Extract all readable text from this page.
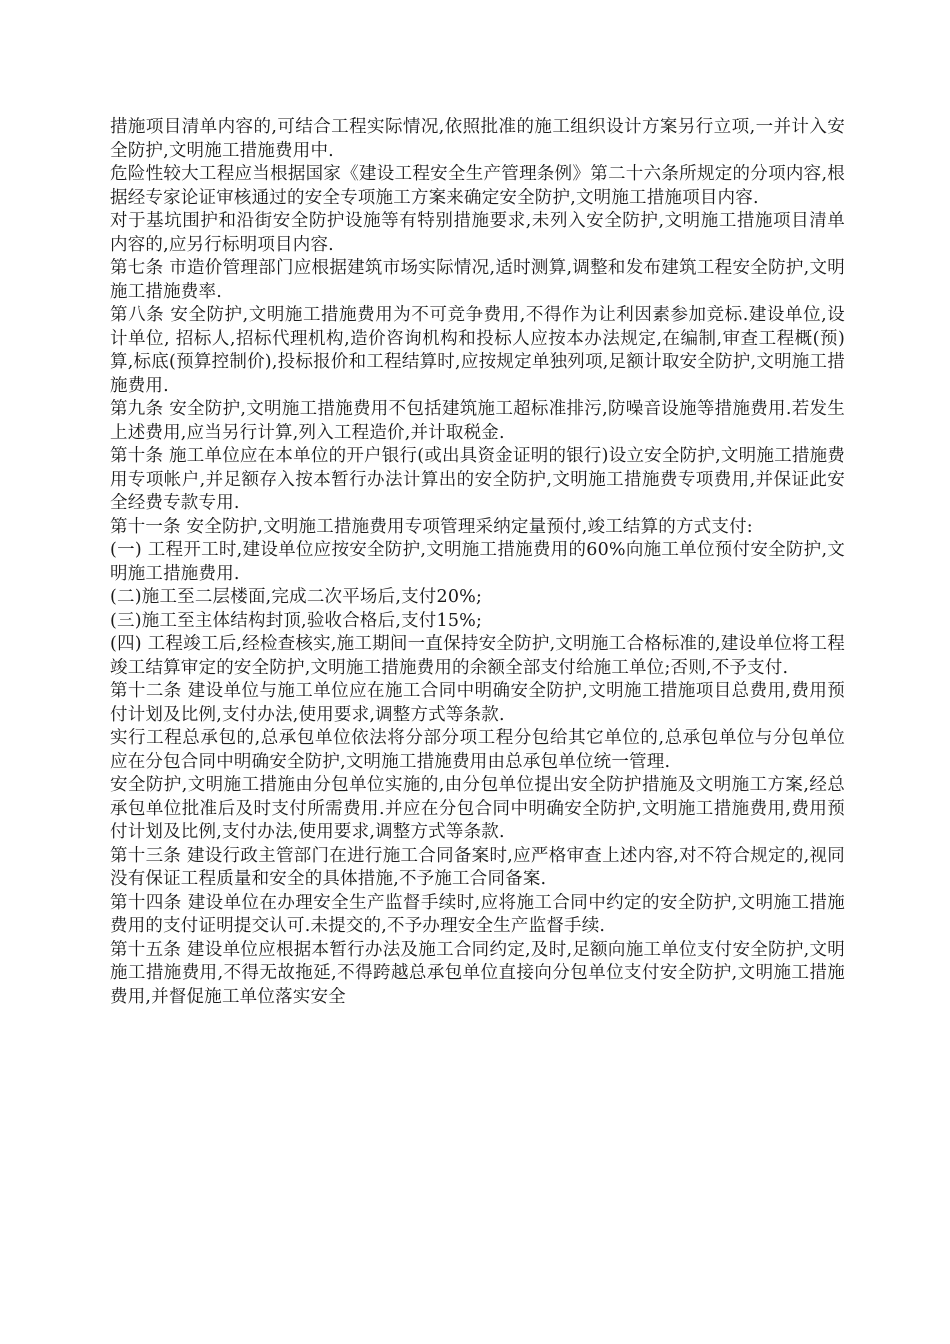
措施项目清单内容的,可结合工程实际情况,依照批准的施工组织设计方案另行立项,一并计入安全防护,文明施工措施费用中.

危险性较大工程应当根据国家《建设工程安全生产管理条例》第二十六条所规定的分项内容,根据经专家论证审核通过的安全专项施工方案来确定安全防护,文明施工措施项目内容.

对于基坑围护和沿街安全防护设施等有特别措施要求,未列入安全防护,文明施工措施项目清单内容的,应另行标明项目内容.

第七条 市造价管理部门应根据建筑市场实际情况,适时测算,调整和发布建筑工程安全防护,文明施工措施费率.

第八条 安全防护,文明施工措施费用为不可竞争费用,不得作为让利因素参加竞标.建设单位,设计单位, 招标人,招标代理机构,造价咨询机构和投标人应按本办法规定,在编制,审查工程概(预)算,标底(预算控制价),投标报价和工程结算时,应按规定单独列项,足额计取安全防护,文明施工措施费用.

第九条 安全防护,文明施工措施费用不包括建筑施工超标准排污,防噪音设施等措施费用.若发生上述费用,应当另行计算,列入工程造价,并计取税金.

第十条 施工单位应在本单位的开户银行(或出具资金证明的银行)设立安全防护,文明施工措施费用专项帐户,并足额存入按本暂行办法计算出的安全防护,文明施工措施费专项费用,并保证此安全经费专款专用.

第十一条 安全防护,文明施工措施费用专项管理采纳定量预付,竣工结算的方式支付:

(一) 工程开工时,建设单位应按安全防护,文明施工措施费用的60%向施工单位预付安全防护,文明施工措施费用.

(二)施工至二层楼面,完成二次平场后,支付20%;

(三)施工至主体结构封顶,验收合格后,支付15%;

(四) 工程竣工后,经检查核实,施工期间一直保持安全防护,文明施工合格标准的,建设单位将工程竣工结算审定的安全防护,文明施工措施费用的余额全部支付给施工单位;否则,不予支付.

第十二条 建设单位与施工单位应在施工合同中明确安全防护,文明施工措施项目总费用,费用预付计划及比例,支付办法,使用要求,调整方式等条款.

实行工程总承包的,总承包单位依法将分部分项工程分包给其它单位的,总承包单位与分包单位应在分包合同中明确安全防护,文明施工措施费用由总承包单位统一管理.

安全防护,文明施工措施由分包单位实施的,由分包单位提出安全防护措施及文明施工方案,经总承包单位批准后及时支付所需费用.并应在分包合同中明确安全防护,文明施工措施费用,费用预付计划及比例,支付办法,使用要求,调整方式等条款.

第十三条 建设行政主管部门在进行施工合同备案时,应严格审查上述内容,对不符合规定的,视同没有保证工程质量和安全的具体措施,不予施工合同备案.

第十四条 建设单位在办理安全生产监督手续时,应将施工合同中约定的安全防护,文明施工措施费用的支付证明提交认可.未提交的,不予办理安全生产监督手续.

第十五条 建设单位应根据本暂行办法及施工合同约定,及时,足额向施工单位支付安全防护,文明施工措施费用,不得无故拖延,不得跨越总承包单位直接向分包单位支付安全防护,文明施工措施费用,并督促施工单位落实安全
